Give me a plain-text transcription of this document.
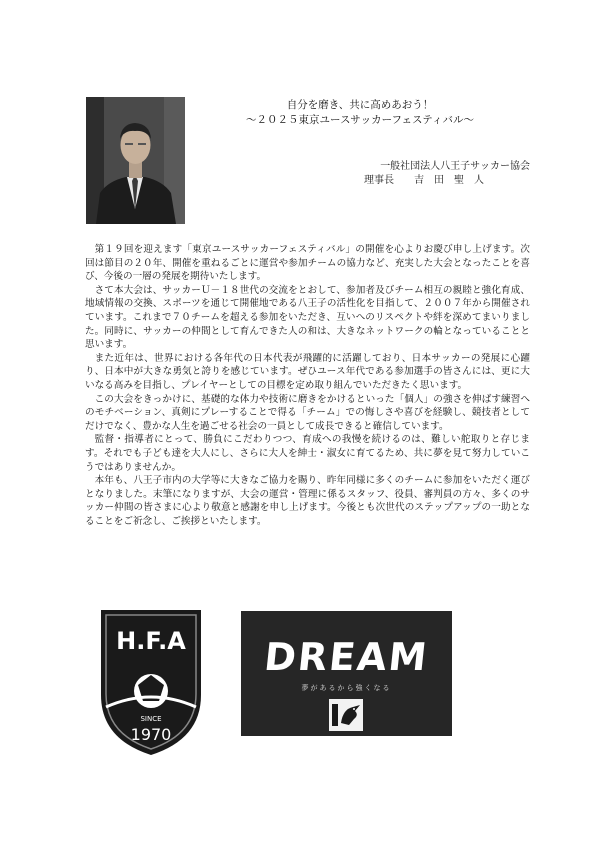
自分を磨き、共に高めあおう！
～２０２５東京ユースサッカーフェスティバル～
一般社団法人八王子サッカー協会
理事長　　吉　田　聖　人

第１９回を迎えます「東京ユースサッカーフェスティバル」の開催を心よりお慶び申し上げます。次回は節目の２０年、開催を重ねるごとに運営や参加チームの協力など、充実した大会となったことを喜び、今後の一層の発展を期待いたします。

さて本大会は、サッカーＵ－１８世代の交流をとおして、参加者及びチーム相互の親睦と強化育成、地域情報の交換、スポーツを通じて開催地である八王子の活性化を目指して、２００７年から開催されています。これまで７０チームを超える参加をいただき、互いへのリスペクトや絆を深めてまいりました。同時に、サッカーの仲間として育んできた人の和は、大きなネットワークの輪となっていることと思います。

また近年は、世界における各年代の日本代表が飛躍的に活躍しており、日本サッカーの発展に心躍り、日本中が大きな勇気と誇りを感じています。ぜひユース年代である参加選手の皆さんには、更に大いなる高みを目指し、プレイヤーとしての目標を定め取り組んでいただきたく思います。

この大会をきっかけに、基礎的な体力や技術に磨きをかけるといった「個人」の強さを伸ばす練習へのモチベーション、真剣にプレーすることで得る「チーム」での悔しさや喜びを経験し、競技者としてだけでなく、豊かな人生を過ごせる社会の一員として成長できると確信しています。

監督・指導者にとって、勝負にこだわりつつ、育成への我慢を続けるのは、難しい舵取りと存じます。それでも子ども達を大人にし、さらに大人を紳士・淑女に育てるため、共に夢を見て努力していこうではありませんか。

本年も、八王子市内の大学等に大きなご協力を賜り、昨年同様に多くのチームに参加をいただく運びとなりました。末筆になりますが、大会の運営・管理に係るスタッフ、役員、審判員の方々、多くのサッカー仲間の皆さまに心より敬意と感謝を申し上げます。今後とも次世代のステップアップの一助となることをご祈念し、ご挨拶といたします。

H.F.A
SINCE
1970
DREAM
夢があるから強くなる
